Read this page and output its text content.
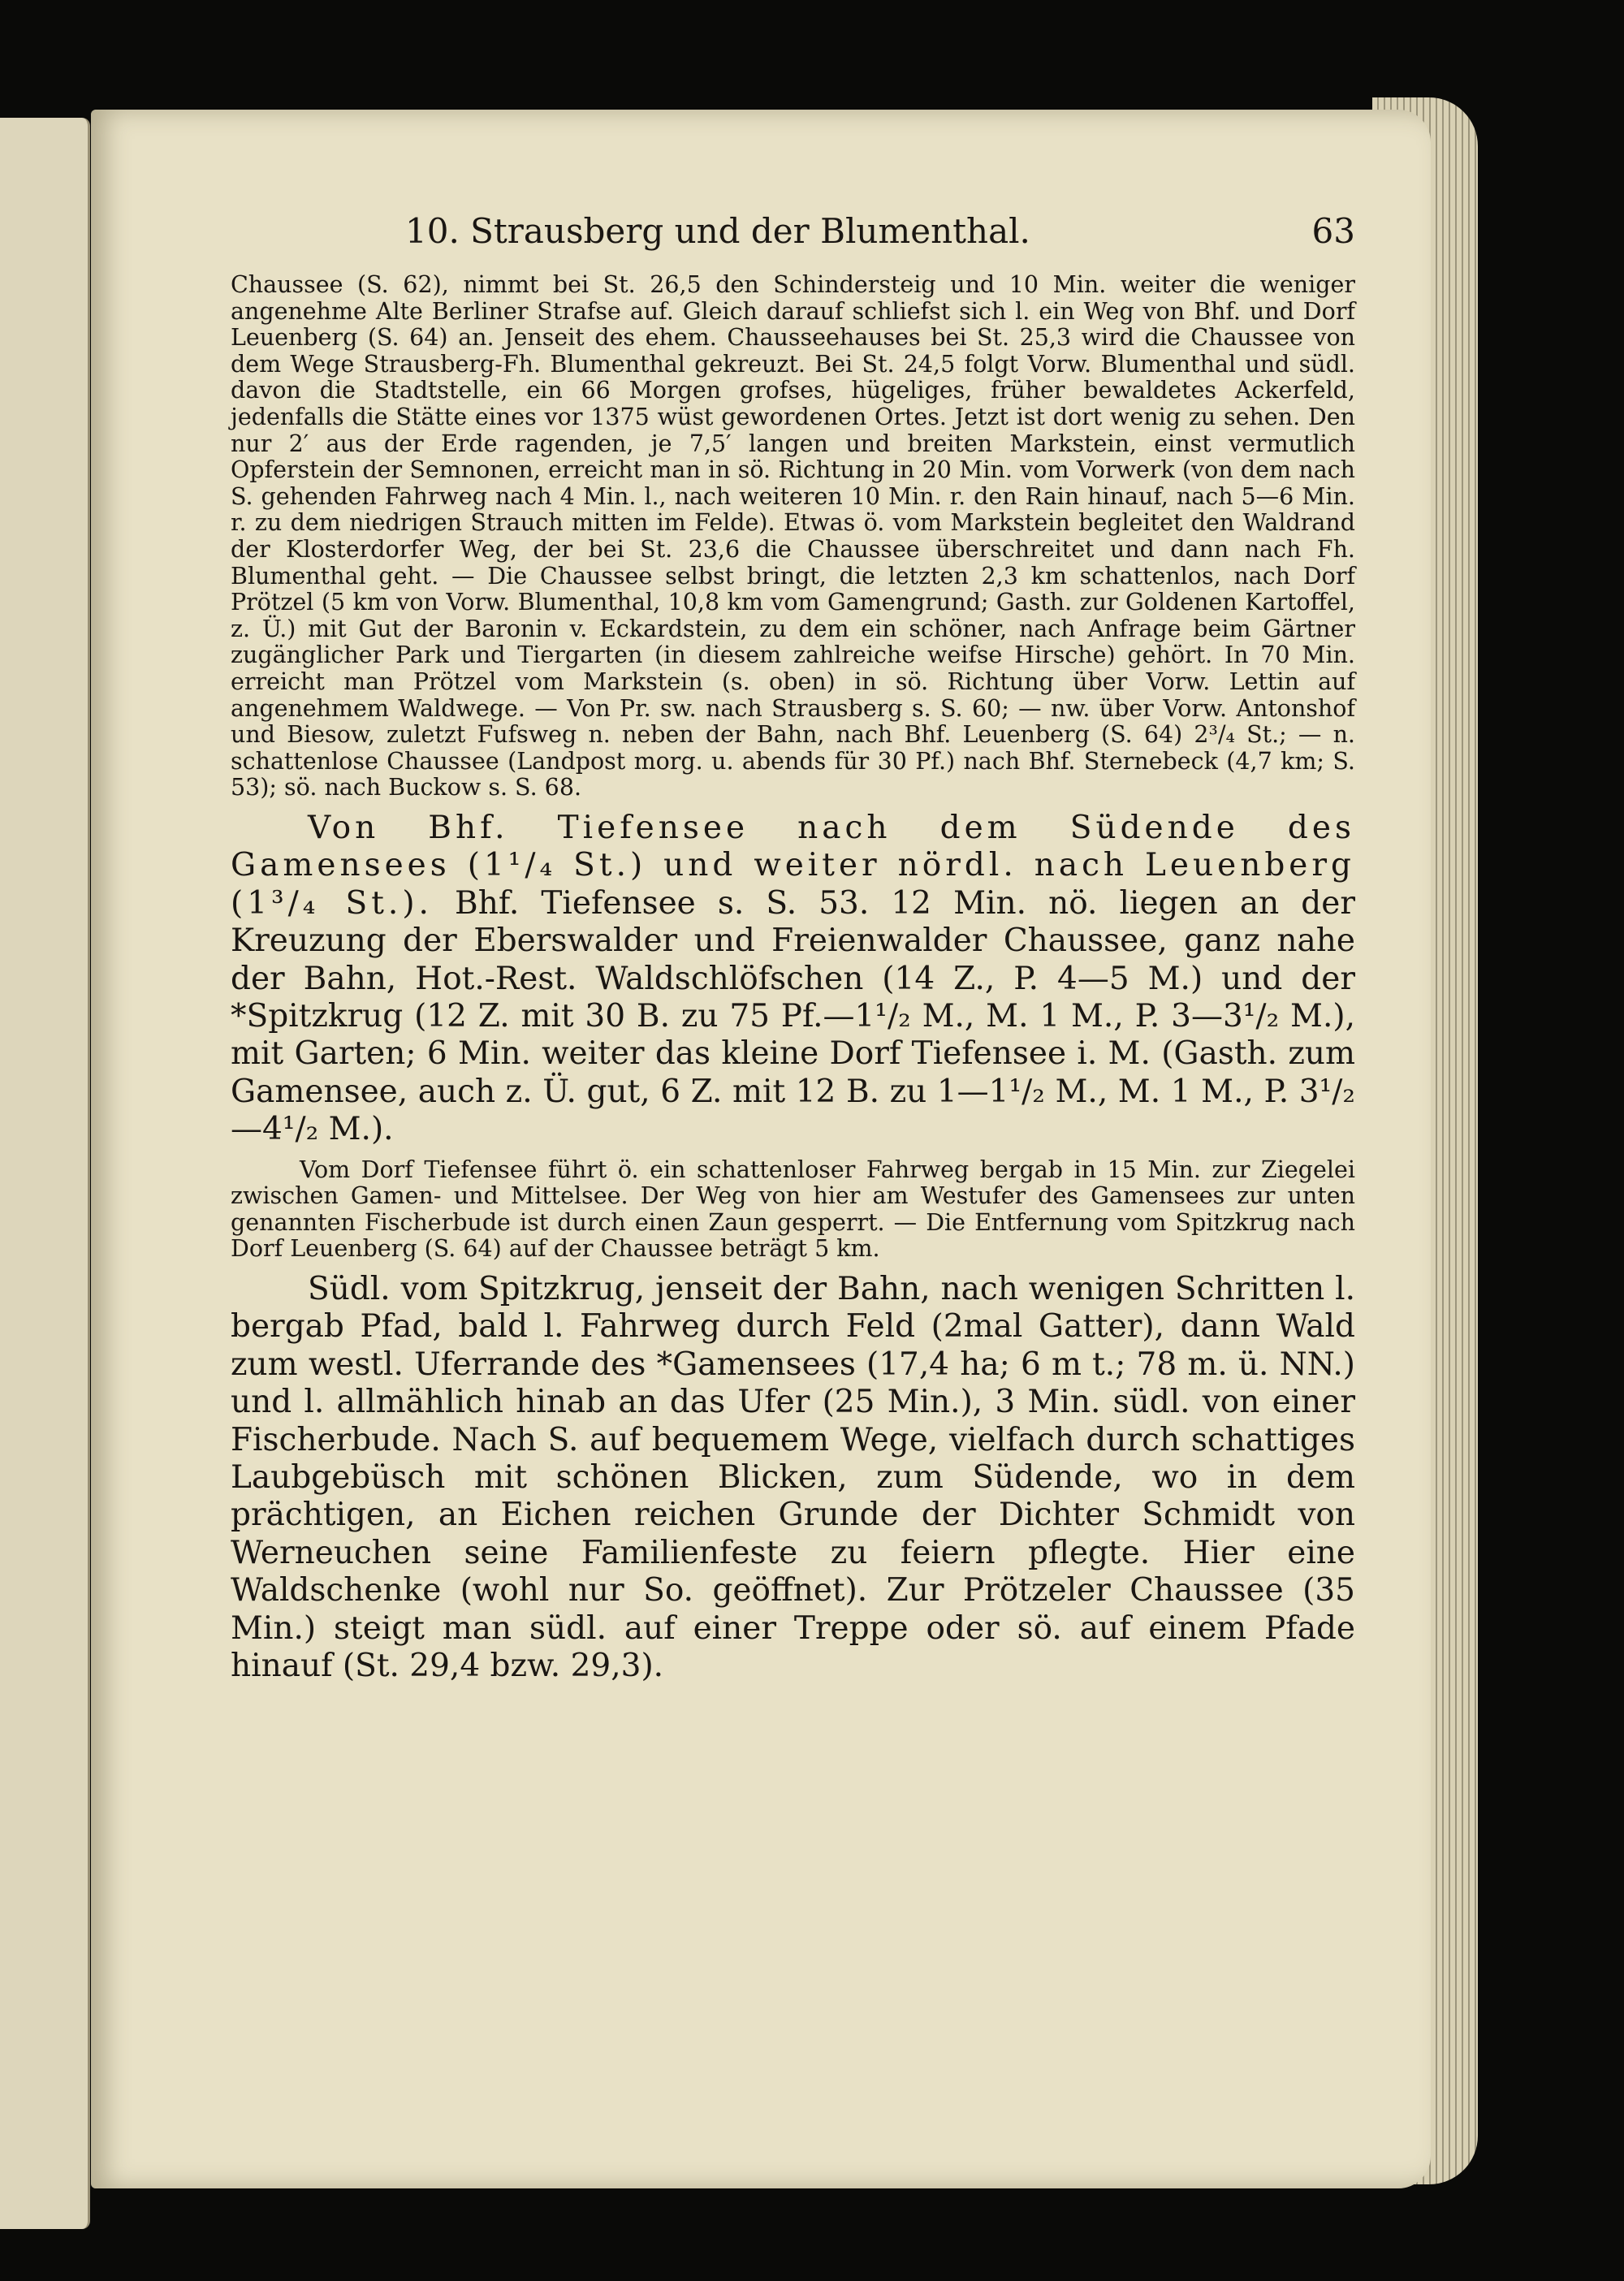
10. Strausberg und der Blumenthal.	63

Chaussee (S. 62), nimmt bei St. 26,5 den Schindersteig und 10 Min. weiter die weniger angenehme Alte Berliner Strafse auf. Gleich darauf schliefst sich l. ein Weg von Bhf. und Dorf Leuenberg (S. 64) an. Jenseit des ehem. Chausseehauses bei St. 25,3 wird die Chaussee von dem Wege Strausberg-Fh. Blumenthal gekreuzt. Bei St. 24,5 folgt Vorw. Blumenthal und südl. davon die Stadtstelle, ein 66 Morgen grofses, hügeliges, früher bewaldetes Ackerfeld, jedenfalls die Stätte eines vor 1375 wüst gewordenen Ortes. Jetzt ist dort wenig zu sehen. Den nur 2′ aus der Erde ragenden, je 7,5′ langen und breiten Markstein, einst vermutlich Opferstein der Semnonen, erreicht man in sö. Richtung in 20 Min. vom Vorwerk (von dem nach S. gehenden Fahrweg nach 4 Min. l., nach weiteren 10 Min. r. den Rain hinauf, nach 5—6 Min. r. zu dem niedrigen Strauch mitten im Felde). Etwas ö. vom Markstein begleitet den Waldrand der Klosterdorfer Weg, der bei St. 23,6 die Chaussee überschreitet und dann nach Fh. Blumenthal geht. — Die Chaussee selbst bringt, die letzten 2,3 km schattenlos, nach Dorf Prötzel (5 km von Vorw. Blumenthal, 10,8 km vom Gamengrund; Gasth. zur Goldenen Kartoffel, z. Ü.) mit Gut der Baronin v. Eckardstein, zu dem ein schöner, nach Anfrage beim Gärtner zugänglicher Park und Tiergarten (in diesem zahlreiche weifse Hirsche) gehört. In 70 Min. erreicht man Prötzel vom Markstein (s. oben) in sö. Richtung über Vorw. Lettin auf angenehmem Waldwege. — Von Pr. sw. nach Strausberg s. S. 60; — nw. über Vorw. Antonshof und Biesow, zuletzt Fufsweg n. neben der Bahn, nach Bhf. Leuenberg (S. 64) 2³/₄ St.; — n. schattenlose Chaussee (Landpost morg. u. abends für 30 Pf.) nach Bhf. Sternebeck (4,7 km; S. 53); sö. nach Buckow s. S. 68.

Von Bhf. Tiefensee nach dem Südende des Gamensees (1¹/₄ St.) und weiter nördl. nach Leuenberg (1³/₄ St.). Bhf. Tiefensee s. S. 53. 12 Min. nö. liegen an der Kreuzung der Eberswalder und Freienwalder Chaussee, ganz nahe der Bahn, Hot.-Rest. Waldschlöfschen (14 Z., P. 4—5 M.) und der *Spitzkrug (12 Z. mit 30 B. zu 75 Pf.—1¹/₂ M., M. 1 M., P. 3—3¹/₂ M.), mit Garten; 6 Min. weiter das kleine Dorf Tiefensee i. M. (Gasth. zum Gamensee, auch z. Ü. gut, 6 Z. mit 12 B. zu 1—1¹/₂ M., M. 1 M., P. 3¹/₂—4¹/₂ M.).

Vom Dorf Tiefensee führt ö. ein schattenloser Fahrweg bergab in 15 Min. zur Ziegelei zwischen Gamen- und Mittelsee. Der Weg von hier am Westufer des Gamensees zur unten genannten Fischerbude ist durch einen Zaun gesperrt. — Die Entfernung vom Spitzkrug nach Dorf Leuenberg (S. 64) auf der Chaussee beträgt 5 km.

Südl. vom Spitzkrug, jenseit der Bahn, nach wenigen Schritten l. bergab Pfad, bald l. Fahrweg durch Feld (2mal Gatter), dann Wald zum westl. Uferrande des *Gamensees (17,4 ha; 6 m t.; 78 m. ü. NN.) und l. allmählich hinab an das Ufer (25 Min.), 3 Min. südl. von einer Fischerbude. Nach S. auf bequemem Wege, vielfach durch schattiges Laubgebüsch mit schönen Blicken, zum Südende, wo in dem prächtigen, an Eichen reichen Grunde der Dichter Schmidt von Werneuchen seine Familienfeste zu feiern pflegte. Hier eine Waldschenke (wohl nur So. geöffnet). Zur Prötzeler Chaussee (35 Min.) steigt man südl. auf einer Treppe oder sö. auf einem Pfade hinauf (St. 29,4 bzw. 29,3).
